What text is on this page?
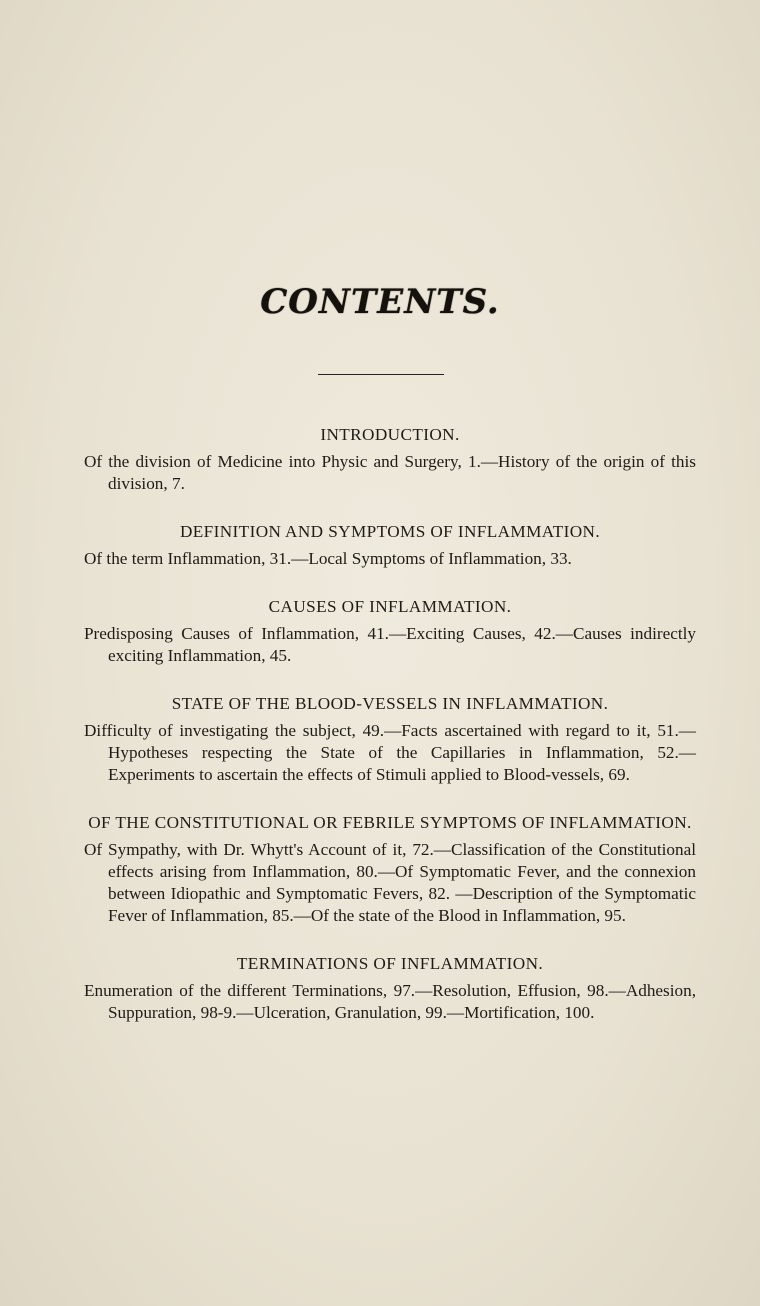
CONTENTS.

INTRODUCTION.

Of the division of Medicine into Physic and Surgery, 1.—History of the origin of this division, 7.

DEFINITION AND SYMPTOMS OF INFLAMMATION.

Of the term Inflammation, 31.—Local Symptoms of Inflammation, 33.

CAUSES OF INFLAMMATION.

Predisposing Causes of Inflammation, 41.—Exciting Causes, 42.—Causes indirectly exciting Inflammation, 45.

STATE OF THE BLOOD-VESSELS IN INFLAMMATION.

Difficulty of investigating the subject, 49.—Facts ascertained with regard to it, 51.—Hypotheses respecting the State of the Capillaries in Inflammation, 52.—Experiments to ascertain the effects of Stimuli applied to Blood-vessels, 69.

OF THE CONSTITUTIONAL OR FEBRILE SYMPTOMS OF INFLAMMATION.

Of Sympathy, with Dr. Whytt's Account of it, 72.—Classification of the Constitutional effects arising from Inflammation, 80.—Of Symptomatic Fever, and the connexion between Idiopathic and Symptomatic Fevers, 82. —Description of the Symptomatic Fever of Inflammation, 85.—Of the state of the Blood in Inflammation, 95.

TERMINATIONS OF INFLAMMATION.

Enumeration of the different Terminations, 97.—Resolution, Effusion, 98.—Adhesion, Suppuration, 98-9.—Ulceration, Granulation, 99.—Mortification, 100.
